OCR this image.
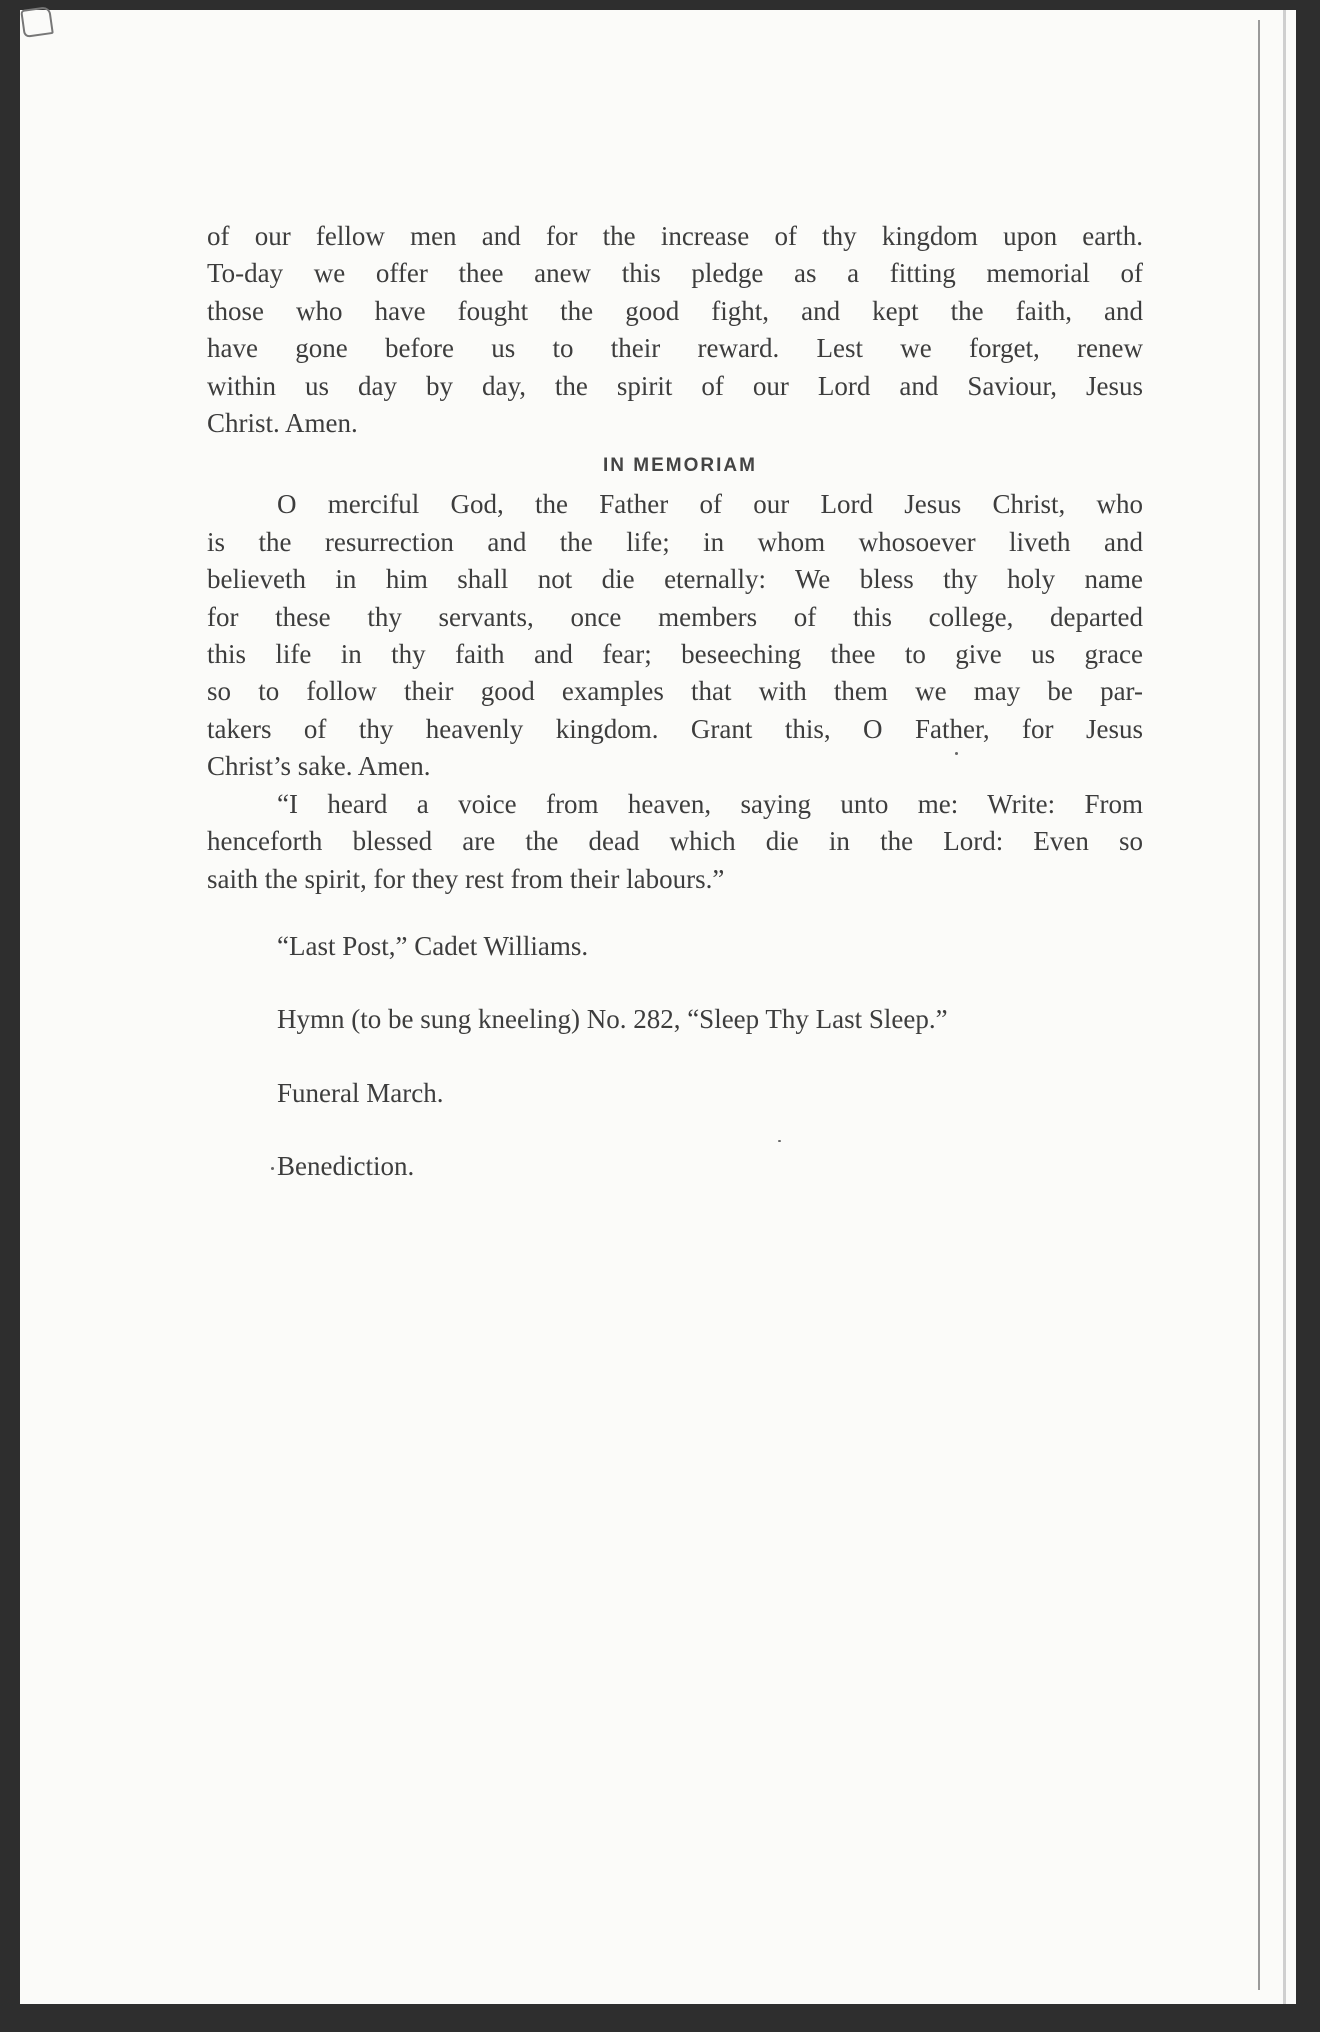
of our fellow men and for the increase of thy kingdom upon earth.
To-day we offer thee anew this pledge as a fitting memorial of
those who have fought the good fight, and kept the faith, and
have gone before us to their reward. Lest we forget, renew
within us day by day, the spirit of our Lord and Saviour, Jesus
Christ. Amen.
IN MEMORIAM
O merciful God, the Father of our Lord Jesus Christ, who
is the resurrection and the life; in whom whosoever liveth and
believeth in him shall not die eternally: We bless thy holy name
for these thy servants, once members of this college, departed
this life in thy faith and fear; beseeching thee to give us grace
so to follow their good examples that with them we may be par-
takers of thy heavenly kingdom. Grant this, O Father, for Jesus
Christ’s sake. Amen.
“I heard a voice from heaven, saying unto me: Write: From
henceforth blessed are the dead which die in the Lord: Even so
saith the spirit, for they rest from their labours.”
“Last Post,” Cadet Williams.
Hymn (to be sung kneeling) No. 282, “Sleep Thy Last Sleep.”
Funeral March.
Benediction.
